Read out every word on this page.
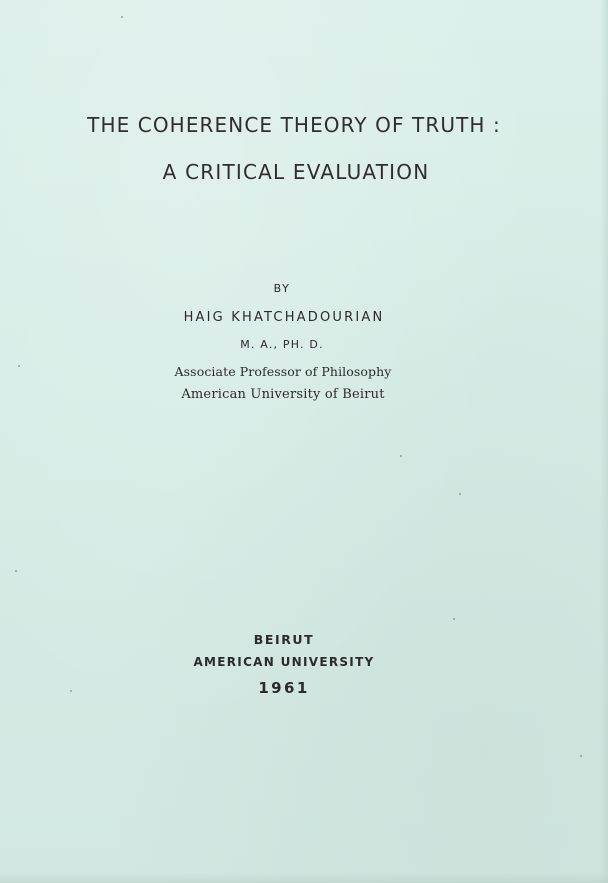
THE COHERENCE THEORY OF TRUTH :
A CRITICAL EVALUATION
BY
HAIG KHATCHADOURIAN
M. A., PH. D.
Associate Professor of Philosophy
American University of Beirut
BEIRUT
AMERICAN UNIVERSITY
1961
